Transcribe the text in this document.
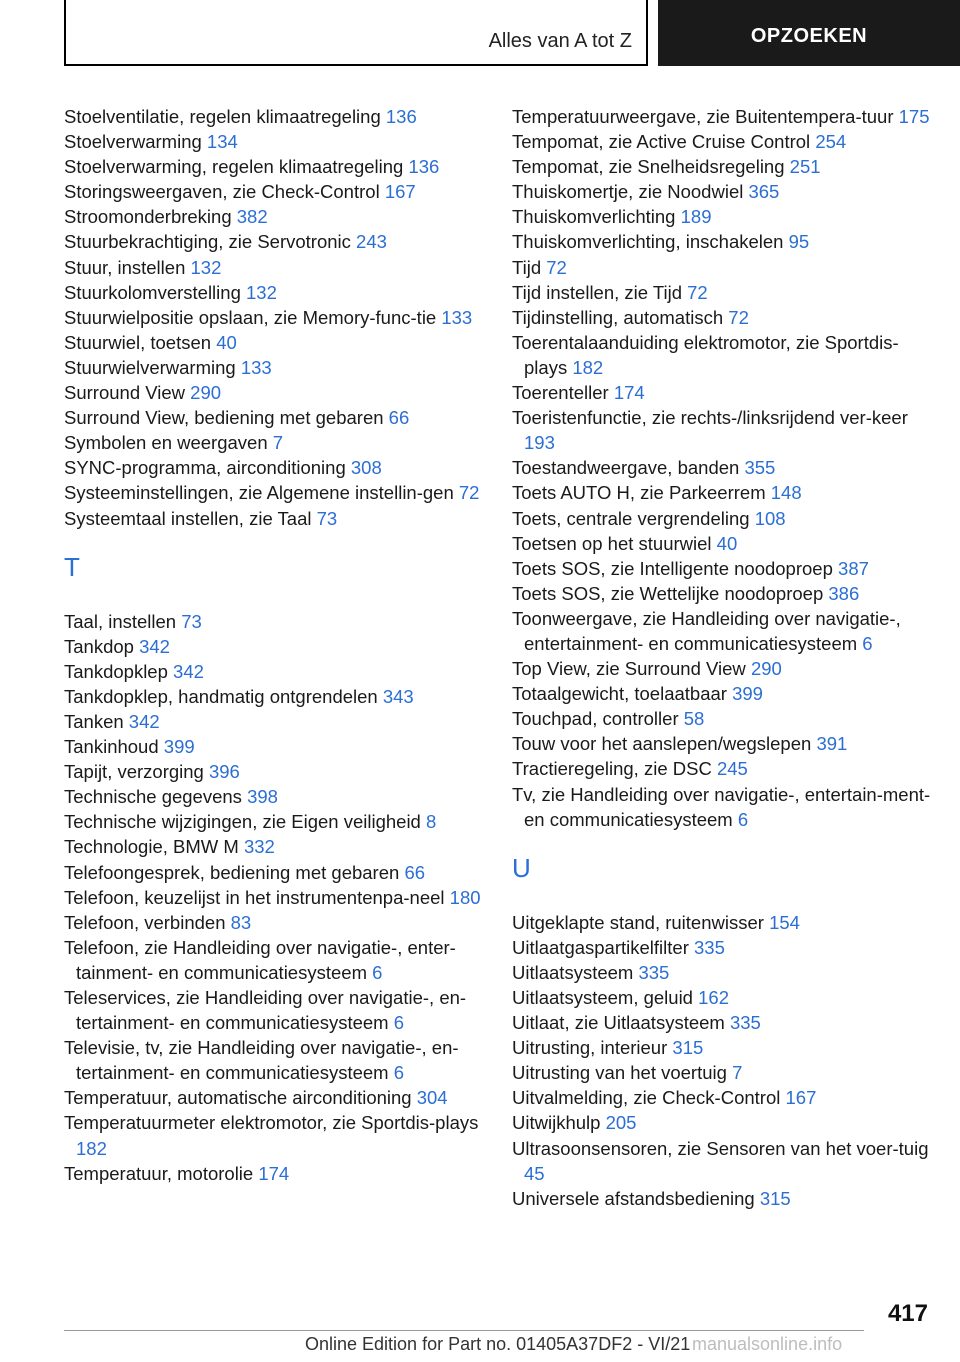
Alles van A tot Z	OPZOEKEN
Stoelventilatie, regelen klimaatregeling 136
Stoelverwarming 134
Stoelverwarming, regelen klimaatregeling 136
Storingsweergaven, zie Check-Control 167
Stroomonderbreking 382
Stuurbekrachtiging, zie Servotronic 243
Stuur, instellen 132
Stuurkolomverstelling 132
Stuurwielpositie opslaan, zie Memory-func‐tie 133
Stuurwiel, toetsen 40
Stuurwielverwarming 133
Surround View 290
Surround View, bediening met gebaren 66
Symbolen en weergaven 7
SYNC-programma, airconditioning 308
Systeeminstellingen, zie Algemene instellin‐gen 72
Systeemtaal instellen, zie Taal 73
T
Taal, instellen 73
Tankdop 342
Tankdopklep 342
Tankdopklep, handmatig ontgrendelen 343
Tanken 342
Tankinhoud 399
Tapijt, verzorging 396
Technische gegevens 398
Technische wijzigingen, zie Eigen veiligheid 8
Technologie, BMW M 332
Telefoongesprek, bediening met gebaren 66
Telefoon, keuzelijst in het instrumentenpa‐neel 180
Telefoon, verbinden 83
Telefoon, zie Handleiding over navigatie-, enter‐tainment- en communicatiesysteem 6
Teleservices, zie Handleiding over navigatie-, en‐tertainment- en communicatiesysteem 6
Televisie, tv, zie Handleiding over navigatie-, en‐tertainment- en communicatiesysteem 6
Temperatuur, automatische airconditioning 304
Temperatuurmeter elektromotor, zie Sportdis‐plays 182
Temperatuur, motorolie 174
Temperatuurweergave, zie Buitentempera‐tuur 175
Tempomat, zie Active Cruise Control 254
Tempomat, zie Snelheidsregeling 251
Thuiskomertje, zie Noodwiel 365
Thuiskomverlichting 189
Thuiskomverlichting, inschakelen 95
Tijd 72
Tijd instellen, zie Tijd 72
Tijdinstelling, automatisch 72
Toerentalaanduiding elektromotor, zie Sportdis‐plays 182
Toerenteller 174
Toeristenfunctie, zie rechts-/linksrijdend ver‐keer 193
Toestandweergave, banden 355
Toets AUTO H, zie Parkeerrem 148
Toets, centrale vergrendeling 108
Toetsen op het stuurwiel 40
Toets SOS, zie Intelligente noodoproep 387
Toets SOS, zie Wettelijke noodoproep 386
Toonweergave, zie Handleiding over navigatie-, entertainment- en communicatiesysteem 6
Top View, zie Surround View 290
Totaalgewicht, toelaatbaar 399
Touchpad, controller 58
Touw voor het aanslepen/wegslepen 391
Tractieregeling, zie DSC 245
Tv, zie Handleiding over navigatie-, entertain‐ment- en communicatiesysteem 6
U
Uitgeklapte stand, ruitenwisser 154
Uitlaatgaspartikelfilter 335
Uitlaatsysteem 335
Uitlaatsysteem, geluid 162
Uitlaat, zie Uitlaatsysteem 335
Uitrusting, interieur 315
Uitrusting van het voertuig 7
Uitvalmelding, zie Check-Control 167
Uitwijkhulp 205
Ultrasoonsensoren, zie Sensoren van het voer‐tuig 45
Universele afstandsbediening 315
417
Online Edition for Part no. 01405A37DF2 - VI/21 manualsonline.info
